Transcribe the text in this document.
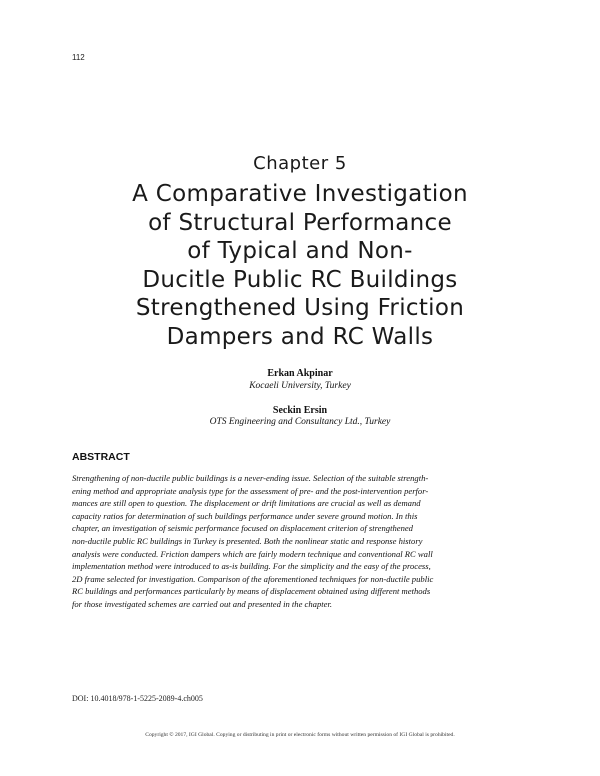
112
Chapter 5
A Comparative Investigation
of Structural Performance
of Typical and Non-
Ducitle Public RC Buildings
Strengthened Using Friction
Dampers and RC Walls
Erkan Akpinar
Kocaeli University, Turkey
Seckin Ersin
OTS Engineering and Consultancy Ltd., Turkey
ABSTRACT
Strengthening of non-ductile public buildings is a never-ending issue. Selection of the suitable strength-
ening method and appropriate analysis type for the assessment of pre- and the post-intervention perfor-
mances are still open to question. The displacement or drift limitations are crucial as well as demand
capacity ratios for determination of such buildings performance under severe ground motion. In this
chapter, an investigation of seismic performance focused on displacement criterion of strengthened
non-ductile public RC buildings in Turkey is presented. Both the nonlinear static and response history
analysis were conducted. Friction dampers which are fairly modern technique and conventional RC wall
implementation method were introduced to as-is building. For the simplicity and the easy of the process,
2D frame selected for investigation. Comparison of the aforementioned techniques for non-ductile public
RC buildings and performances particularly by means of displacement obtained using different methods
for those investigated schemes are carried out and presented in the chapter.
DOI: 10.4018/978-1-5225-2089-4.ch005
Copyright © 2017, IGI Global. Copying or distributing in print or electronic forms without written permission of IGI Global is prohibited.
